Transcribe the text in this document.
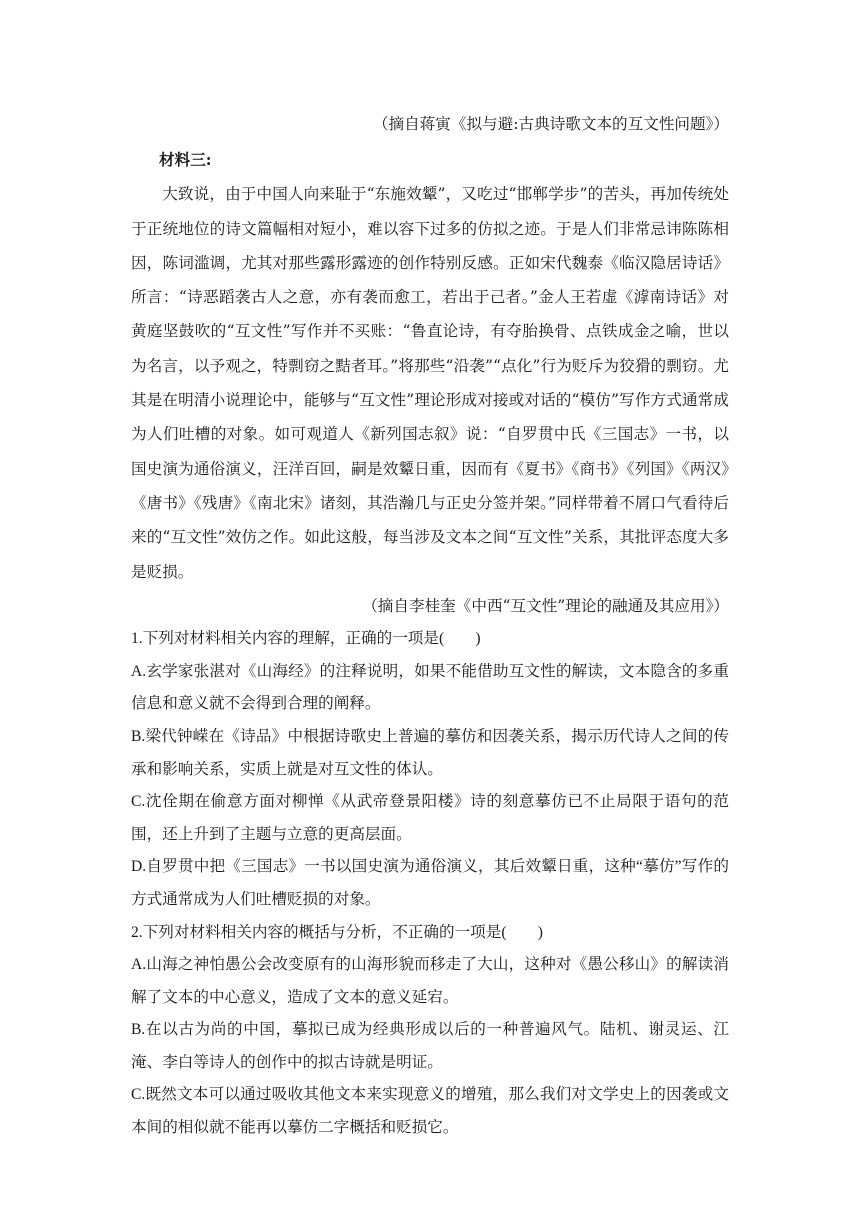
（摘自蒋寅《拟与避:古典诗歌文本的互文性问题》）

材料三:

大致说，由于中国人向来耻于“东施效颦”，又吃过“邯郸学步”的苦头，再加传统处于正统地位的诗文篇幅相对短小，难以容下过多的仿拟之迹。于是人们非常忌讳陈陈相因，陈词滥调，尤其对那些露形露迹的创作特别反感。正如宋代魏泰《临汉隐居诗话》所言：“诗恶蹈袭古人之意，亦有袭而愈工，若出于己者。”金人王若虚《滹南诗话》对黄庭坚鼓吹的“互文性”写作并不买账：“鲁直论诗，有夺胎换骨、点铁成金之喻，世以为名言，以予观之，特剽窃之黠者耳。”将那些“沿袭”“点化”行为贬斥为狡猾的剽窃。尤其是在明清小说理论中，能够与“互文性”理论形成对接或对话的“模仿”写作方式通常成为人们吐槽的对象。如可观道人《新列国志叙》说：“自罗贯中氏《三国志》一书，以国史演为通俗演义，汪洋百回，嗣是效颦日重，因而有《夏书》《商书》《列国》《两汉》《唐书》《残唐》《南北宋》诸刻，其浩瀚几与正史分签并架。”同样带着不屑口气看待后来的“互文性”效仿之作。如此这般，每当涉及文本之间“互文性”关系，其批评态度大多是贬损。

（摘自李桂奎《中西“互文性”理论的融通及其应用》）

1.下列对材料相关内容的理解，正确的一项是(　　)

A.玄学家张湛对《山海经》的注释说明，如果不能借助互文性的解读，文本隐含的多重信息和意义就不会得到合理的阐释。

B.梁代钟嵘在《诗品》中根据诗歌史上普遍的摹仿和因袭关系，揭示历代诗人之间的传承和影响关系，实质上就是对互文性的体认。

C.沈佺期在偷意方面对柳惮《从武帝登景阳楼》诗的刻意摹仿已不止局限于语句的范围，还上升到了主题与立意的更高层面。

D.自罗贯中把《三国志》一书以国史演为通俗演义，其后效颦日重，这种“摹仿”写作的方式通常成为人们吐槽贬损的对象。

2.下列对材料相关内容的概括与分析，不正确的一项是(　　)

A.山海之神怕愚公会改变原有的山海形貌而移走了大山，这种对《愚公移山》的解读消解了文本的中心意义，造成了文本的意义延宕。

B.在以古为尚的中国，摹拟已成为经典形成以后的一种普遍风气。陆机、谢灵运、江淹、李白等诗人的创作中的拟古诗就是明证。

C.既然文本可以通过吸收其他文本来实现意义的增殖，那么我们对文学史上的因袭或文本间的相似就不能再以摹仿二字概括和贬损它。
